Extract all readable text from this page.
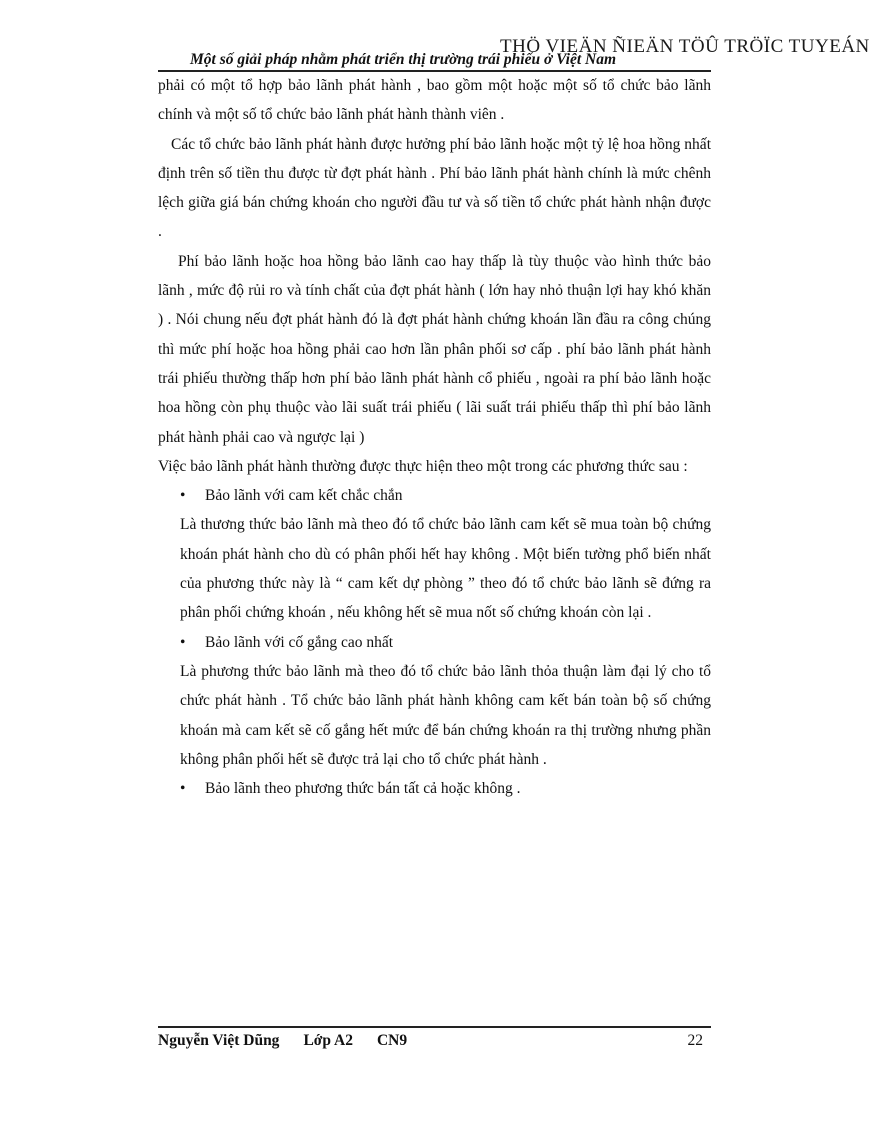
THÖ VIEÄN ÑIEÄN TÖÛ TRÖÏC TUYEÁN
Một số giải pháp nhằm phát triển thị trường trái phiếu ở Việt Nam

phải có một tổ hợp bảo lãnh phát hành , bao gồm một hoặc một số tổ chức bảo lãnh chính và một số tổ chức bảo lãnh phát hành thành viên .

Các tổ chức bảo lãnh phát hành được hưởng phí bảo lãnh hoặc một tỷ lệ hoa hồng nhất định trên số tiền thu được từ đợt phát hành . Phí bảo lãnh phát hành chính là mức chênh lệch giữa giá bán chứng khoán cho người đầu tư và số tiền tổ chức phát hành nhận được .

Phí bảo lãnh hoặc hoa hồng bảo lãnh cao hay thấp là tùy thuộc vào hình thức bảo lãnh , mức độ rủi ro và tính chất của đợt phát hành ( lớn hay nhỏ thuận lợi hay khó khăn ) . Nói chung nếu đợt phát hành đó là đợt phát hành chứng khoán lần đầu ra công chúng thì mức phí hoặc hoa hồng phải cao hơn lần phân phối sơ cấp . phí bảo lãnh phát hành trái phiếu thường thấp hơn phí bảo lãnh phát hành cổ phiếu , ngoài ra phí bảo lãnh hoặc hoa hồng còn phụ thuộc vào lãi suất trái phiếu ( lãi suất trái phiếu thấp thì phí bảo lãnh phát hành phải cao và ngược lại )

Việc bảo lãnh phát hành thường được thực hiện theo một trong các phương thức sau :

• Bảo lãnh với cam kết chắc chắn

Là thương thức bảo lãnh mà theo đó tổ chức bảo lãnh cam kết sẽ mua toàn bộ chứng khoán phát hành cho dù có phân phối hết hay không . Một biến tường phổ biến nhất của phương thức này là “ cam kết dự phòng ” theo đó tổ chức bảo lãnh sẽ đứng ra phân phối chứng khoán , nếu không hết sẽ mua nốt số chứng khoán còn lại .

• Bảo lãnh với cố gắng cao nhất

Là phương thức bảo lãnh mà theo đó tổ chức bảo lãnh thỏa thuận làm đại lý cho tổ chức phát hành . Tổ chức bảo lãnh phát hành không cam kết bán toàn bộ số chứng khoán mà cam kết sẽ cố gắng hết mức để bán chứng khoán ra thị trường nhưng phần không phân phối hết sẽ được trả lại cho tổ chức phát hành .

• Bảo lãnh theo phương thức bán tất cả hoặc không .

Nguyễn Việt Dũng Lớp A2 CN9	22
